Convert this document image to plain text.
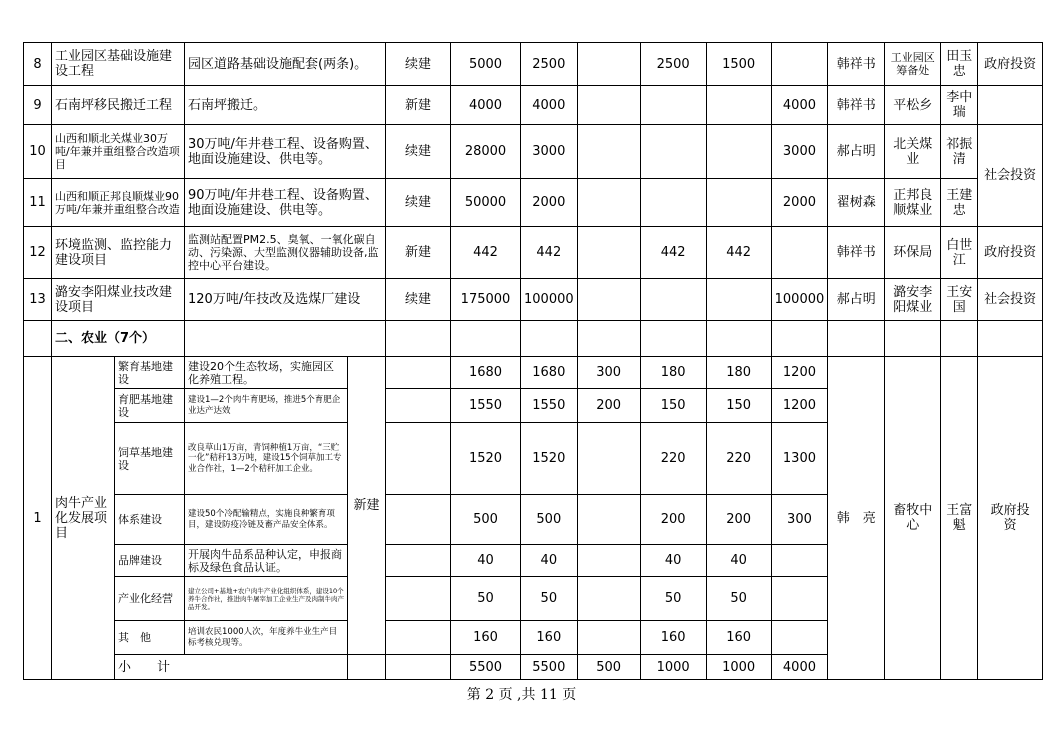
8	工业园区基础设施建设工程		园区道路基础设施配套(两条)。		续建	5000	2500		2500	1500		韩祥书	工业园区筹备处	田玉忠	政府投资
9	石南坪移民搬迁工程		石南坪搬迁。		新建	4000	4000				4000	韩祥书	平松乡	李中瑞	
10	山西和顺北关煤业30万吨/年兼并重组整合改造项目		30万吨/年井巷工程、设备购置、地面设施建设、供电等。		续建	28000	3000				3000	郝占明	北关煤业	祁振清	社会投资
11	山西和顺正邦良顺煤业90万吨/年兼并重组整合改造		90万吨/年井巷工程、设备购置、地面设施建设、供电等。		续建	50000	2000				2000	翟树森	正邦良顺煤业	王建忠	
12	环境监测、监控能力建设项目		监测站配置PM2.5、臭氧、一氧化碳自动、污染源、大型监测仪器辅助设备,监控中心平台建设。		新建	442	442		442	442		韩祥书	环保局	白世江	政府投资
13	潞安李阳煤业技改建设项目		120万吨/年技改及选煤厂建设		续建	175000	100000				100000	郝占明	潞安李阳煤业	王安国	社会投资
	二、农业（7个）														
1	肉牛产业化发展项目	繁育基地建设	建设20个生态牧场，实施园区化养殖工程。	新建		1680	1680	300	180	180	1200	韩　亮	畜牧中心	王富魁	政府投资
		育肥基地建设	建设1—2个肉牛育肥场，推进5个育肥企业达产达效			1550	1550	200	150	150	1200				
		饲草基地建设	改良草山1万亩，青饲种植1万亩，“三贮一化”秸秆13万吨，建设15个饲草加工专业合作社，1—2个秸秆加工企业。			1520	1520		220	220	1300				
		体系建设	建设50个冷配输精点，实施良种繁育项目，建设防疫冷链及畜产品安全体系。			500	500		200	200	300				
		品牌建设	开展肉牛品系品种认定，申报商标及绿色食品认证。			40	40		40	40					
		产业化经营	建立公司+基地+农户肉牛产业化组织体系，建设10个养牛合作社，推进肉牛屠宰加工企业生产及肉制牛肉产品开发。			50	50		50	50					
		其　他	培训农民1000人次，年度养牛业生产目标考核兑现等。			160	160		160	160					
		小　　计				5500	5500	500	1000	1000	4000				
第 2 页 ,共 11 页
